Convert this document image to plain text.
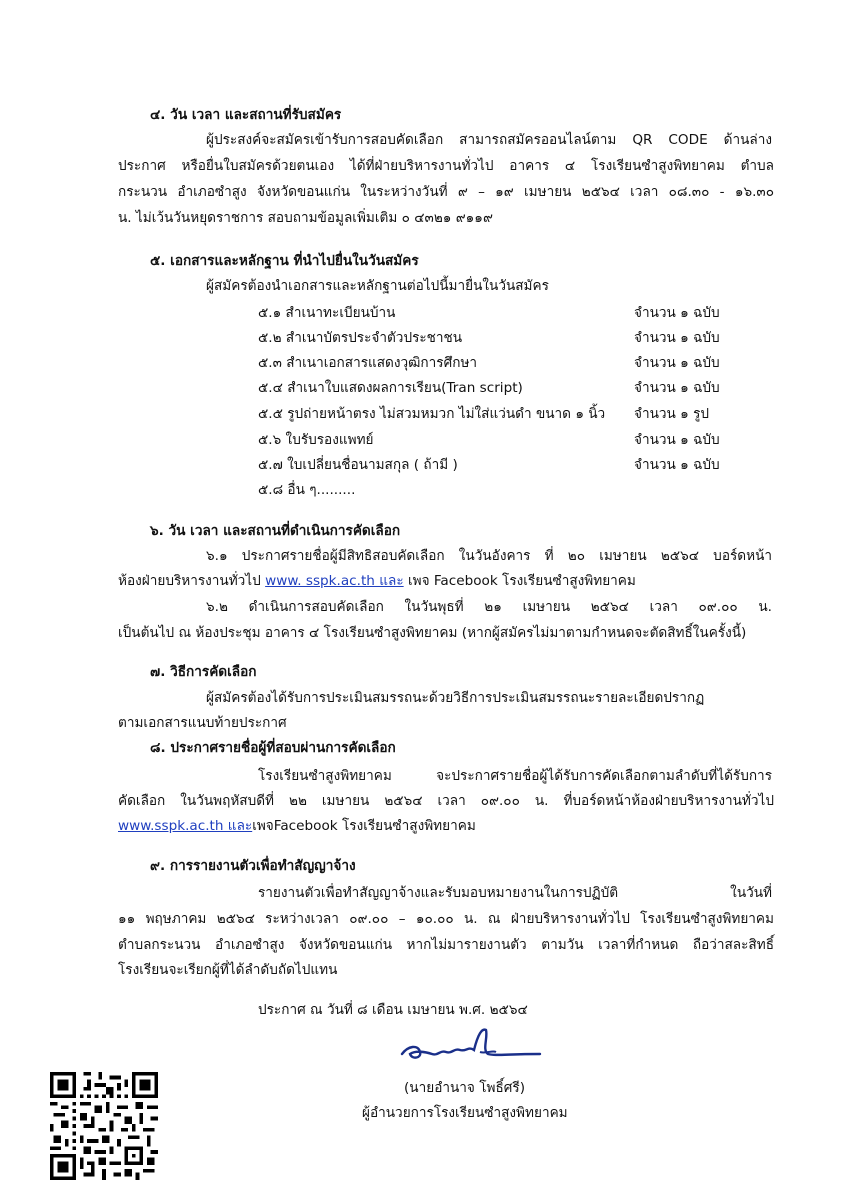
๔. วัน เวลา และสถานที่รับสมัคร
ผู้ประสงค์จะสมัครเข้ารับการสอบคัดเลือก สามารถสมัครออนไลน์ตาม QR CODE ด้านล่าง
ประกาศ หรือยื่นใบสมัครด้วยตนเอง ได้ที่ฝ่ายบริหารงานทั่วไป อาคาร ๔ โรงเรียนซำสูงพิทยาคม ตำบล
กระนวน อำเภอซำสูง จังหวัดขอนแก่น ในระหว่างวันที่ ๙ – ๑๙ เมษายน ๒๕๖๔ เวลา ๐๘.๓๐ - ๑๖.๓๐
น. ไม่เว้นวันหยุดราชการ สอบถามข้อมูลเพิ่มเติม ๐ ๔๓๒๑ ๙๑๑๙
๕. เอกสารและหลักฐาน ที่นำไปยื่นในวันสมัคร
ผู้สมัครต้องนำเอกสารและหลักฐานต่อไปนี้มายื่นในวันสมัคร
๕.๑ สำเนาทะเบียนบ้าน	จำนวน ๑ ฉบับ
๕.๒ สำเนาบัตรประจำตัวประชาชน	จำนวน ๑ ฉบับ
๕.๓ สำเนาเอกสารแสดงวุฒิการศึกษา	จำนวน ๑ ฉบับ
๕.๔ สำเนาใบแสดงผลการเรียน(Tran script)	จำนวน ๑ ฉบับ
๕.๕ รูปถ่ายหน้าตรง ไม่สวมหมวก ไม่ใส่แว่นดำ ขนาด ๑ นิ้ว จำนวน ๑ รูป
๕.๖ ใบรับรองแพทย์	จำนวน ๑ ฉบับ
๕.๗ ใบเปลี่ยนชื่อนามสกุล ( ถ้ามี )	จำนวน ๑ ฉบับ
๕.๘ อื่น ๆ.........
๖. วัน เวลา และสถานที่ดำเนินการคัดเลือก
๖.๑ ประกาศรายชื่อผู้มีสิทธิสอบคัดเลือก ในวันอังคาร ที่ ๒๐ เมษายน ๒๕๖๔ บอร์ดหน้า
ห้องฝ่ายบริหารงานทั่วไป www. sspk.ac.th และ เพจ Facebook โรงเรียนซำสูงพิทยาคม
๖.๒ ดำเนินการสอบคัดเลือก ในวันพุธที่ ๒๑ เมษายน ๒๕๖๔ เวลา ๐๙.๐๐ น.
เป็นต้นไป ณ ห้องประชุม อาคาร ๔ โรงเรียนซำสูงพิทยาคม (หากผู้สมัครไม่มาตามกำหนดจะตัดสิทธิ์ในครั้งนี้)
๗. วิธีการคัดเลือก
ผู้สมัครต้องได้รับการประเมินสมรรถนะด้วยวิธีการประเมินสมรรถนะรายละเอียดปรากฏ
ตามเอกสารแนบท้ายประกาศ
๘. ประกาศรายชื่อผู้ที่สอบผ่านการคัดเลือก
โรงเรียนซำสูงพิทยาคม จะประกาศรายชื่อผู้ได้รับการคัดเลือกตามลำดับที่ได้รับการ
คัดเลือก ในวันพฤหัสบดีที่ ๒๒ เมษายน ๒๕๖๔ เวลา ๐๙.๐๐ น. ที่บอร์ดหน้าห้องฝ่ายบริหารงานทั่วไป
www.sspk.ac.th และเพจFacebook โรงเรียนซำสูงพิทยาคม
๙. การรายงานตัวเพื่อทำสัญญาจ้าง
รายงานตัวเพื่อทำสัญญาจ้างและรับมอบหมายงานในการปฏิบัติ ในวันที่
๑๑ พฤษภาคม ๒๕๖๔ ระหว่างเวลา ๐๙.๐๐ – ๑๐.๐๐ น. ณ ฝ่ายบริหารงานทั่วไป โรงเรียนซำสูงพิทยาคม
ตำบลกระนวน อำเภอซำสูง จังหวัดขอนแก่น หากไม่มารายงานตัว ตามวัน เวลาที่กำหนด ถือว่าสละสิทธิ์
โรงเรียนจะเรียกผู้ที่ได้ลำดับถัดไปแทน
ประกาศ ณ วันที่ ๘ เดือน เมษายน พ.ศ. ๒๕๖๔
(นายอำนาจ โพธิ์ศรี)
ผู้อำนวยการโรงเรียนซำสูงพิทยาคม
